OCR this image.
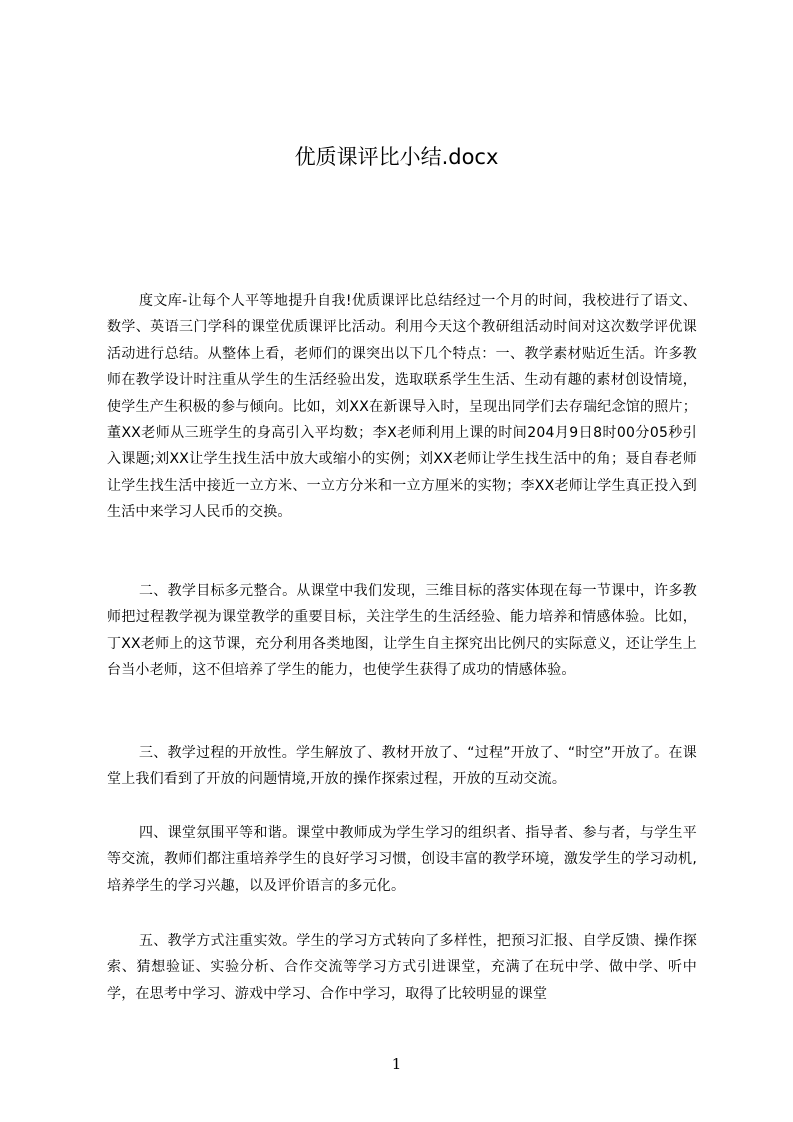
优质课评比小结.docx

度文库-让每个人平等地提升自我!优质课评比总结经过一个月的时间，我校进行了语文、数学、英语三门学科的课堂优质课评比活动。利用今天这个教研组活动时间对这次数学评优课活动进行总结。从整体上看，老师们的课突出以下几个特点：一、教学素材贴近生活。许多教师在教学设计时注重从学生的生活经验出发，选取联系学生生活、生动有趣的素材创设情境，使学生产生积极的参与倾向。比如，刘XX在新课导入时，呈现出同学们去存瑞纪念馆的照片；董XX老师从三班学生的身高引入平均数；李X老师利用上课的时间204月9日8时00分05秒引入课题;刘XX让学生找生活中放大或缩小的实例；刘XX老师让学生找生活中的角；聂自春老师让学生找生活中接近一立方米、一立方分米和一立方厘米的实物；李XX老师让学生真正投入到生活中来学习人民币的交换。

二、教学目标多元整合。从课堂中我们发现，三维目标的落实体现在每一节课中，许多教师把过程教学视为课堂教学的重要目标，关注学生的生活经验、能力培养和情感体验。比如，丁XX老师上的这节课，充分利用各类地图，让学生自主探究出比例尺的实际意义，还让学生上台当小老师，这不但培养了学生的能力，也使学生获得了成功的情感体验。

三、教学过程的开放性。学生解放了、教材开放了、“过程”开放了、“时空”开放了。在课堂上我们看到了开放的问题情境,开放的操作探索过程，开放的互动交流。

四、课堂氛围平等和谐。课堂中教师成为学生学习的组织者、指导者、参与者，与学生平等交流，教师们都注重培养学生的良好学习习惯，创设丰富的教学环境，激发学生的学习动机,培养学生的学习兴趣，以及评价语言的多元化。

五、教学方式注重实效。学生的学习方式转向了多样性，把预习汇报、自学反馈、操作探索、猜想验证、实验分析、合作交流等学习方式引进课堂，充满了在玩中学、做中学、听中学，在思考中学习、游戏中学习、合作中学习，取得了比较明显的课堂

1
